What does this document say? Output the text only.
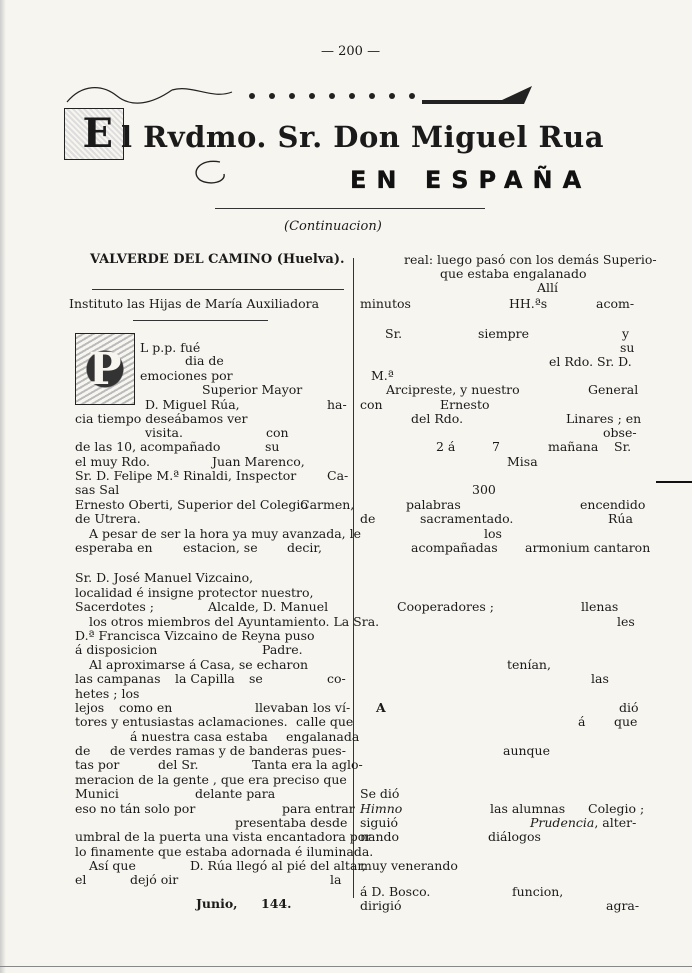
— 200 —
E l Rvdmo. Sr. Don Miguel Rua
EN ESPAÑA
(Continuacion)
P
VALVERDE DEL CAMINO (Huelva).
Instituto las Hijas de María Auxiliadora
L p.p. fué
dia de
emociones por
Superior Mayor
D. Miguel Rúa,	ha-
cia tiempo deseábamos ver
visita.	con
de las 10, acompañado	su
el muy Rdo.	Juan Marenco,
Sr. D. Felipe M.ª Rinaldi, Inspector Ca-
sas Sal
Ernesto Oberti, Superior del Colegio
Carmen,
de Utrera.
A pesar de ser la hora ya muy avanzada, le
esperaba en estacion, se decir,
Sr. D. José Manuel Vizcaino,
localidad é insigne protector nuestro,
Sacerdotes ;	Alcalde, D. Manuel
los otros miembros del Ayuntamiento. La Sra.
D.ª Francisca Vizcaino de Reyna puso
á disposicion	Padre.
Al aproximarse á Casa, se echaron
las campanas la Capilla se	co-
hetes ; los
lejos como en	llevaban los ví-
tores y entusiastas aclamaciones. calle que
á nuestra casa estaba engalanada
de de verdes ramas y de banderas pues-
tas por	del Sr.	Tanta era la aglo-
meracion de la gente , que era preciso que
Munici	delante para
eso no tán solo por	para entrar
presentaba desde
umbral de la puerta una vista encantadora por
lo finamente que estaba adornada é iluminada.
Así que	D. Rúa llegó al pié del altar,
el	dejó oir	la
Junio, 144.
real: luego pasó con los demás Superio-
que estaba engalanado
Allí
minutos	HH.ªs	acom-
Sr.	siempre	y
su
el Rdo. Sr. D.
M.ª
Arcipreste, y nuestro	General
con	Ernesto
del Rdo.	Linares ; en
obse-
2 á	7	mañana Sr.
Misa
300
palabras	encendido
de	sacramentado.	Rúa
los
acompañadas armonium cantaron
Cooperadores ;	llenas
les
tenían,
las
A	dió
á que
aunque
Se dió
Himno	las alumnas Colegio ;
siguió	Prudencia, alter-
nando	diálogos
muy venerando
á D. Bosco.	funcion,
dirigió	agra-
